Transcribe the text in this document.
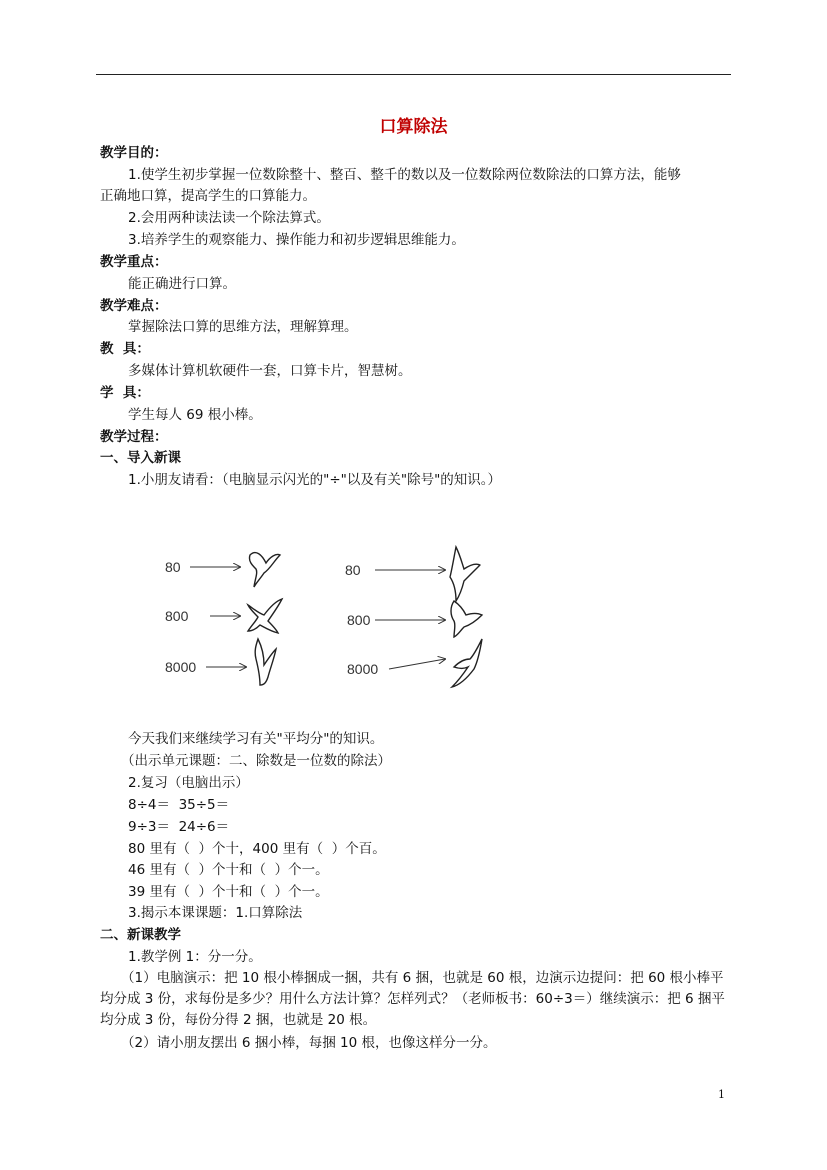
口算除法
教学目的：
1.使学生初步掌握一位数除整十、整百、整千的数以及一位数除两位数除法的口算方法，能够
正确地口算，提高学生的口算能力。
2.会用两种读法读一个除法算式。
3.培养学生的观察能力、操作能力和初步逻辑思维能力。
教学重点：
能正确进行口算。
教学难点：
掌握除法口算的思维方法，理解算理。
教  具：
多媒体计算机软硬件一套，口算卡片，智慧树。
学  具：
学生每人 69 根小棒。
教学过程：
一、导入新课
1.小朋友请看：（电脑显示闪光的"÷"以及有关"除号"的知识。）
80
800
8000
80
800
8000
今天我们来继续学习有关"平均分"的知识。
（出示单元课题：二、除数是一位数的除法）
2.复习（电脑出示）
8÷4＝  35÷5＝
9÷3＝  24÷6＝
80 里有（  ）个十，400 里有（  ）个百。
46 里有（  ）个十和（  ）个一。
39 里有（  ）个十和（  ）个一。
3.揭示本课课题：1.口算除法
二、新课教学
1.教学例 1：分一分。
（1）电脑演示：把 10 根小棒捆成一捆，共有 6 捆，也就是 60 根，边演示边提问：把 60 根小棒平均分成 3 份，求每份是多少？用什么方法计算？怎样列式？（老师板书：60÷3＝）继续演示：把 6 捆平均分成 3 份，每份分得 2 捆，也就是 20 根。
（2）请小朋友摆出 6 捆小棒，每捆 10 根，也像这样分一分。
1
